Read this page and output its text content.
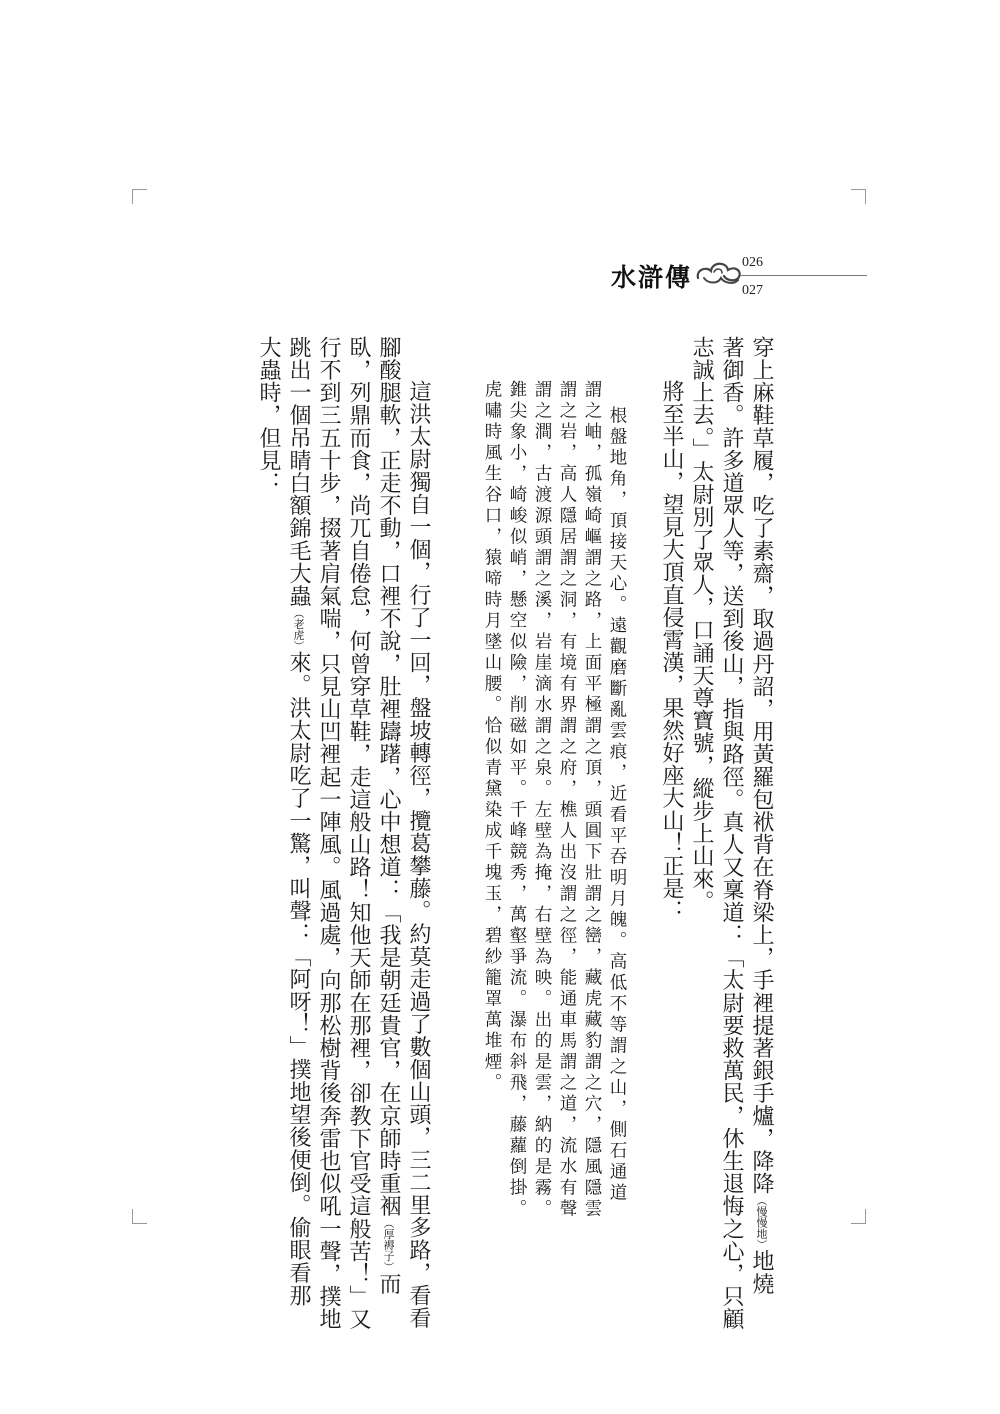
水滸傳
026
027
穿上麻鞋草履，吃了素齋，取過丹詔，用黃羅包袱背在脊梁上，手裡提著銀手爐，降降（慢慢地）地燒
著御香。許多道眾人等，送到後山，指與路徑。真人又稟道：「太尉要救萬民，休生退悔之心，只顧
志誠上去。」太尉別了眾人，口誦天尊寶號，縱步上山來。
將至半山，望見大頂直侵霄漢，果然好座大山！正是：
根盤地角，頂接天心。遠觀磨斷亂雲痕，近看平吞明月魄。高低不等謂之山，側石通道
謂之岫，孤嶺崎嶇謂之路，上面平極謂之頂，頭圓下壯謂之巒，藏虎藏豹謂之穴，隱風隱雲
謂之岩，高人隱居謂之洞，有境有界謂之府，樵人出沒謂之徑，能通車馬謂之道，流水有聲
謂之澗，古渡源頭謂之溪，岩崖滴水謂之泉。左壁為掩，右壁為映。出的是雲，納的是霧。
錐尖象小，崎峻似峭，懸空似險，削磁如平。千峰競秀，萬壑爭流。瀑布斜飛，藤蘿倒掛。
虎嘯時風生谷口，猿啼時月墜山腰。恰似青黛染成千塊玉，碧紗籠罩萬堆煙。
這洪太尉獨自一個，行了一回，盤坡轉徑，攬葛攀藤。約莫走過了數個山頭，三二里多路，看看
腳酸腿軟，正走不動，口裡不說，肚裡躊躇，心中想道：「我是朝廷貴官，在京師時重裀（厚褥子）而
臥，列鼎而食，尚兀自倦怠，何曾穿草鞋，走這般山路！知他天師在那裡，卻教下官受這般苦！」又
行不到三五十步，掇著肩氣喘，只見山凹裡起一陣風。風過處，向那松樹背後奔雷也似吼一聲，撲地
跳出一個吊睛白額錦毛大蟲（老虎）來。洪太尉吃了一驚，叫聲：「阿呀！」撲地望後便倒。偷眼看那
大蟲時，但見：
